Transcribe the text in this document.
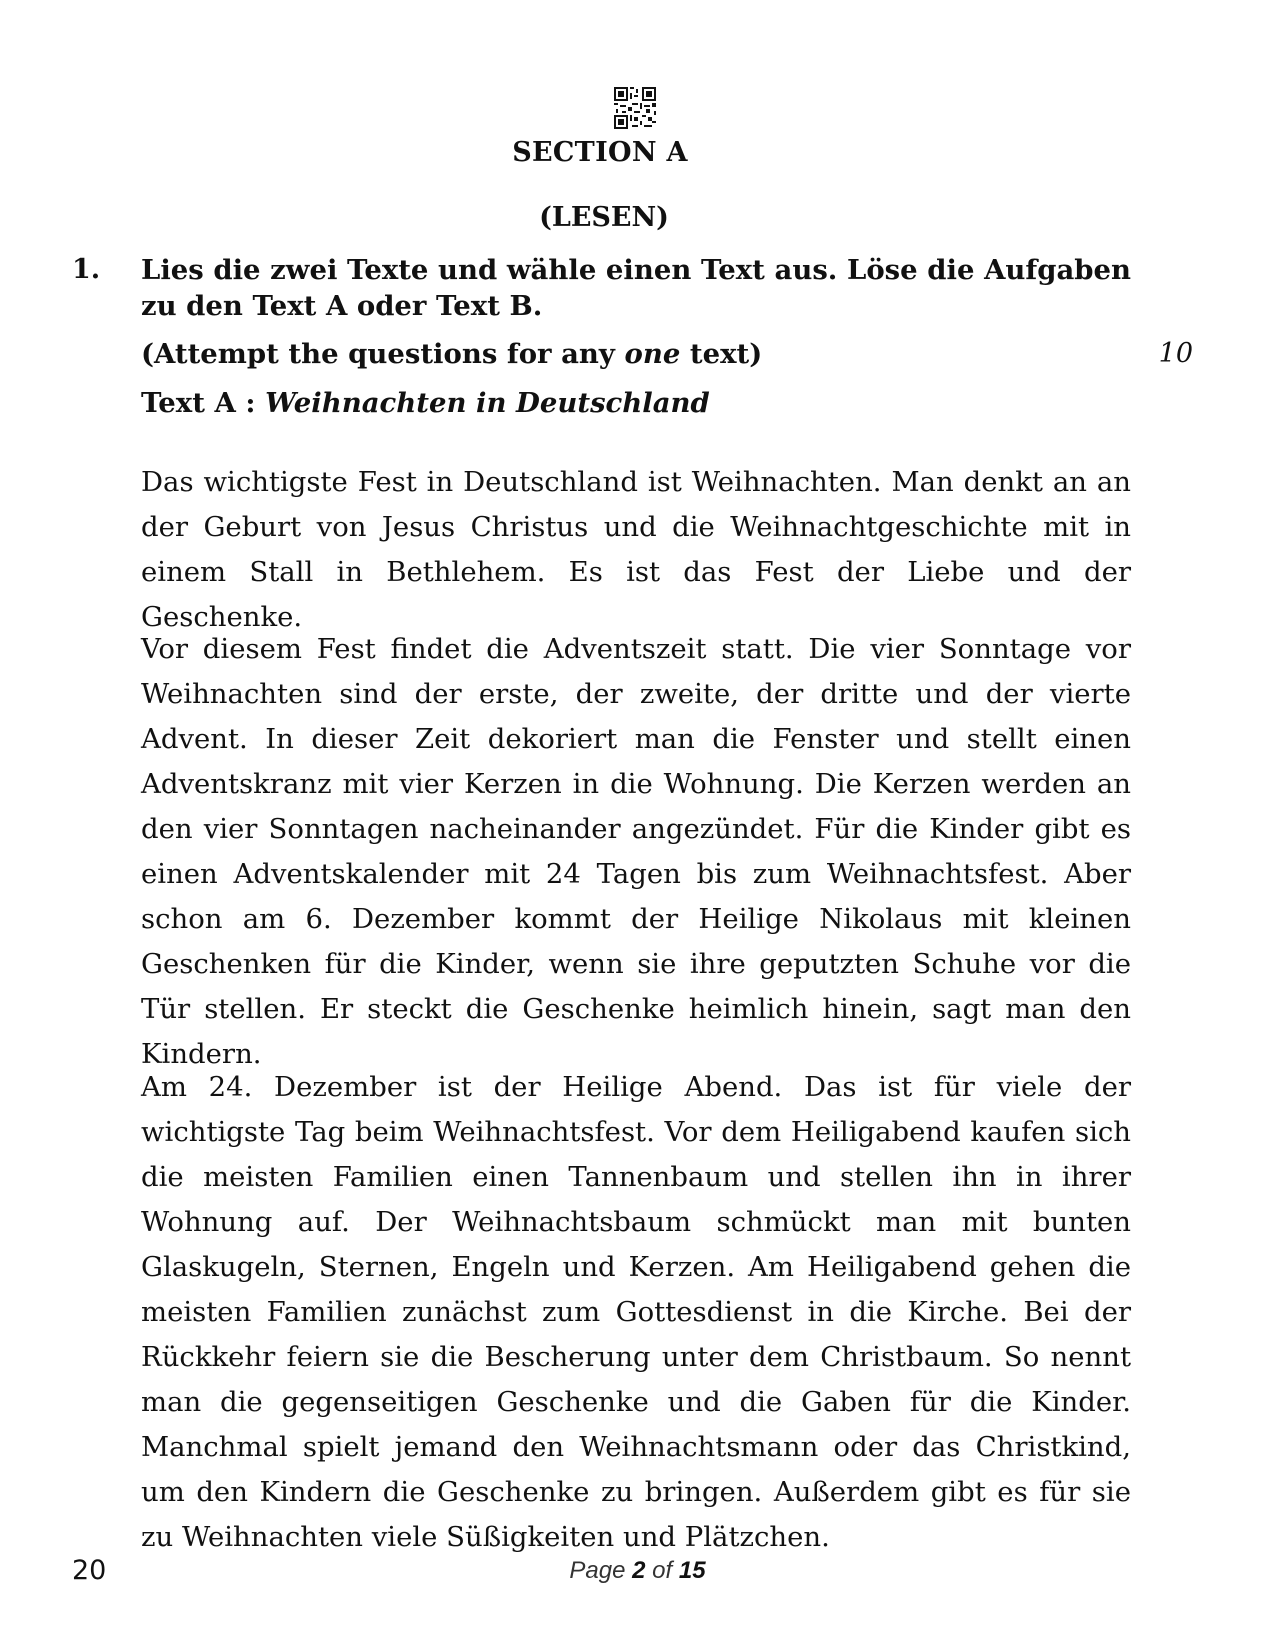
SECTION A
(LESEN)
1. Lies die zwei Texte und wähle einen Text aus. Löse die Aufgaben zu den Text A oder Text B.
(Attempt the questions for any one text)	10
Text A : Weihnachten in Deutschland

Das wichtigste Fest in Deutschland ist Weihnachten. Man denkt an an der Geburt von Jesus Christus und die Weihnachtgeschichte mit in einem Stall in Bethlehem. Es ist das Fest der Liebe und der Geschenke.

Vor diesem Fest findet die Adventszeit statt. Die vier Sonntage vor Weihnachten sind der erste, der zweite, der dritte und der vierte Advent. In dieser Zeit dekoriert man die Fenster und stellt einen Adventskranz mit vier Kerzen in die Wohnung. Die Kerzen werden an den vier Sonntagen nacheinander angezündet. Für die Kinder gibt es einen Adventskalender mit 24 Tagen bis zum Weihnachtsfest. Aber schon am 6. Dezember kommt der Heilige Nikolaus mit kleinen Geschenken für die Kinder, wenn sie ihre geputzten Schuhe vor die Tür stellen. Er steckt die Geschenke heimlich hinein, sagt man den Kindern.

Am 24. Dezember ist der Heilige Abend. Das ist für viele der wichtigste Tag beim Weihnachtsfest. Vor dem Heiligabend kaufen sich die meisten Familien einen Tannenbaum und stellen ihn in ihrer Wohnung auf. Der Weihnachtsbaum schmückt man mit bunten Glaskugeln, Sternen, Engeln und Kerzen. Am Heiligabend gehen die meisten Familien zunächst zum Gottesdienst in die Kirche. Bei der Rückkehr feiern sie die Bescherung unter dem Christbaum. So nennt man die gegenseitigen Geschenke und die Gaben für die Kinder. Manchmal spielt jemand den Weihnachtsmann oder das Christkind, um den Kindern die Geschenke zu bringen. Außerdem gibt es für sie zu Weihnachten viele Süßigkeiten und Plätzchen.

20	Page 2 of 15
